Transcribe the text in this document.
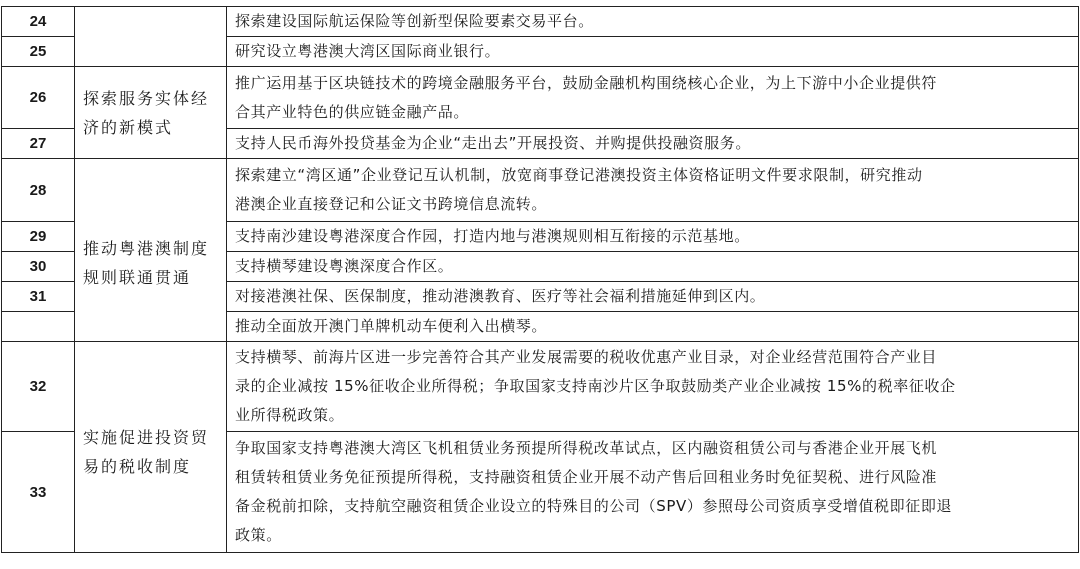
24		探索建设国际航运保险等创新型保险要素交易平台。
25		研究设立粤港澳大湾区国际商业银行。
26	探索服务实体经
济的新模式	推广运用基于区块链技术的跨境金融服务平台，鼓励金融机构围绕核心企业，为上下游中小企业提供符
合其产业特色的供应链金融产品。

27		支持人民币海外投贷基金为企业“走出去”开展投资、并购提供投融资服务。
28	推动粤港澳制度
规则联通贯通	探索建立“湾区通”企业登记互认机制，放宽商事登记港澳投资主体资格证明文件要求限制，研究推动
港澳企业直接登记和公证文书跨境信息流转。

29		支持南沙建设粤港深度合作园，打造内地与港澳规则相互衔接的示范基地。
30		支持横琴建设粤澳深度合作区。
31		对接港澳社保、医保制度，推动港澳教育、医疗等社会福利措施延伸到区内。
		推动全面放开澳门单牌机动车便利入出横琴。
32	实施促进投资贸
易的税收制度	支持横琴、前海片区进一步完善符合其产业发展需要的税收优惠产业目录，对企业经营范围符合产业目
录的企业减按 15%征收企业所得税；争取国家支持南沙片区争取鼓励类产业企业减按 15%的税率征收企
业所得税政策。

33		争取国家支持粤港澳大湾区飞机租赁业务预提所得税改革试点，区内融资租赁公司与香港企业开展飞机
租赁转租赁业务免征预提所得税，支持融资租赁企业开展不动产售后回租业务时免征契税、进行风险准
备金税前扣除，支持航空融资租赁企业设立的特殊目的公司（SPV）参照母公司资质享受增值税即征即退
政策。
